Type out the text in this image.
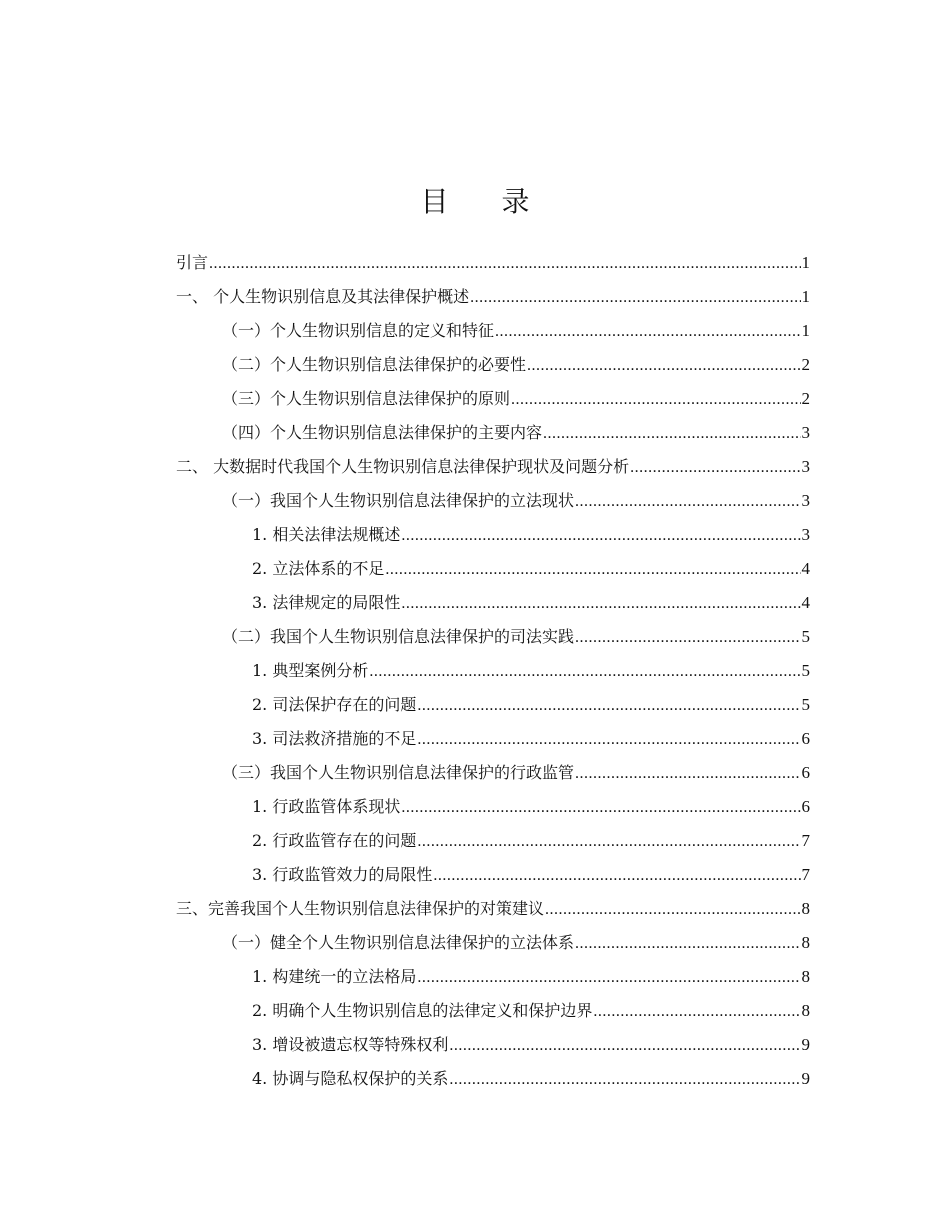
目 录
引言 .....	1
一、 个人生物识别信息及其法律保护概述 .....	1
（一）个人生物识别信息的定义和特征 .....	1
（二）个人生物识别信息法律保护的必要性 .....	2
（三）个人生物识别信息法律保护的原则 .....	2
（四）个人生物识别信息法律保护的主要内容 .....	3
二、 大数据时代我国个人生物识别信息法律保护现状及问题分析 .....	3
（一）我国个人生物识别信息法律保护的立法现状 .....	3
1. 相关法律法规概述 .....	3
2. 立法体系的不足 .....	4
3. 法律规定的局限性 .....	4
（二）我国个人生物识别信息法律保护的司法实践 .....	5
1. 典型案例分析 .....	5
2. 司法保护存在的问题 .....	5
3. 司法救济措施的不足 .....	6
（三）我国个人生物识别信息法律保护的行政监管 .....	6
1. 行政监管体系现状 .....	6
2. 行政监管存在的问题 .....	7
3. 行政监管效力的局限性 .....	7
三、完善我国个人生物识别信息法律保护的对策建议 .....	8
（一）健全个人生物识别信息法律保护的立法体系 .....	8
1. 构建统一的立法格局 .....	8
2. 明确个人生物识别信息的法律定义和保护边界 .....	8
3. 增设被遗忘权等特殊权利 .....	9
4. 协调与隐私权保护的关系 .....	9
